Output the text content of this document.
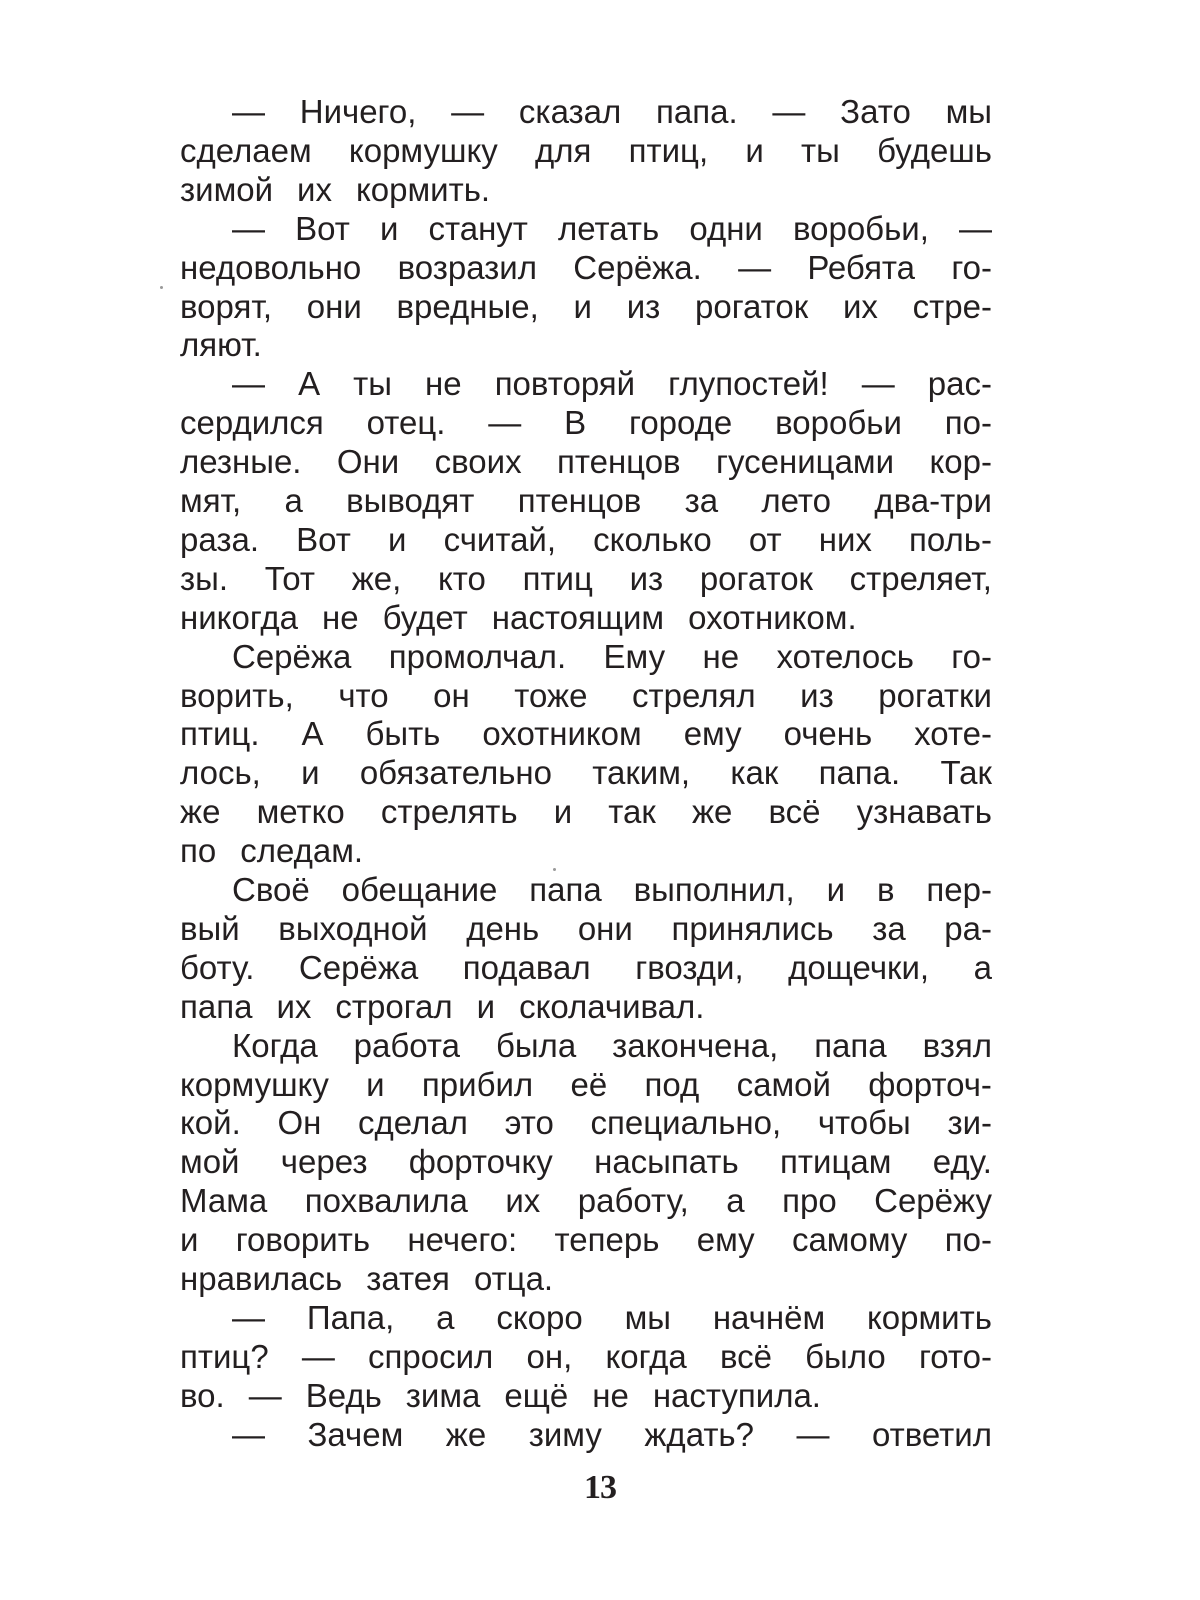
— Ничего, — сказал папа. — Зато мы
сделаем кормушку для птиц, и ты будешь
зимой их кормить.
— Вот и станут летать одни воробьи, —
недовольно возразил Серёжа. — Ребята го-
ворят, они вредные, и из рогаток их стре-
ляют.
— А ты не повторяй глупостей! — рас-
сердился отец. — В городе воробьи по-
лезные. Они своих птенцов гусеницами кор-
мят, а выводят птенцов за лето два-три
раза. Вот и считай, сколько от них поль-
зы. Тот же, кто птиц из рогаток стреляет,
никогда не будет настоящим охотником.
Серёжа промолчал. Ему не хотелось го-
ворить, что он тоже стрелял из рогатки
птиц. А быть охотником ему очень хоте-
лось, и обязательно таким, как папа. Так
же метко стрелять и так же всё узнавать
по следам.
Своё обещание папа выполнил, и в пер-
вый выходной день они принялись за ра-
боту. Серёжа подавал гвозди, дощечки, а
папа их строгал и сколачивал.
Когда работа была закончена, папа взял
кормушку и прибил её под самой форточ-
кой. Он сделал это специально, чтобы зи-
мой через форточку насыпать птицам еду.
Мама похвалила их работу, а про Серёжу
и говорить нечего: теперь ему самому по-
нравилась затея отца.
— Папа, а скоро мы начнём кормить
птиц? — спросил он, когда всё было гото-
во. — Ведь зима ещё не наступила.
— Зачем же зиму ждать? — ответил
13
